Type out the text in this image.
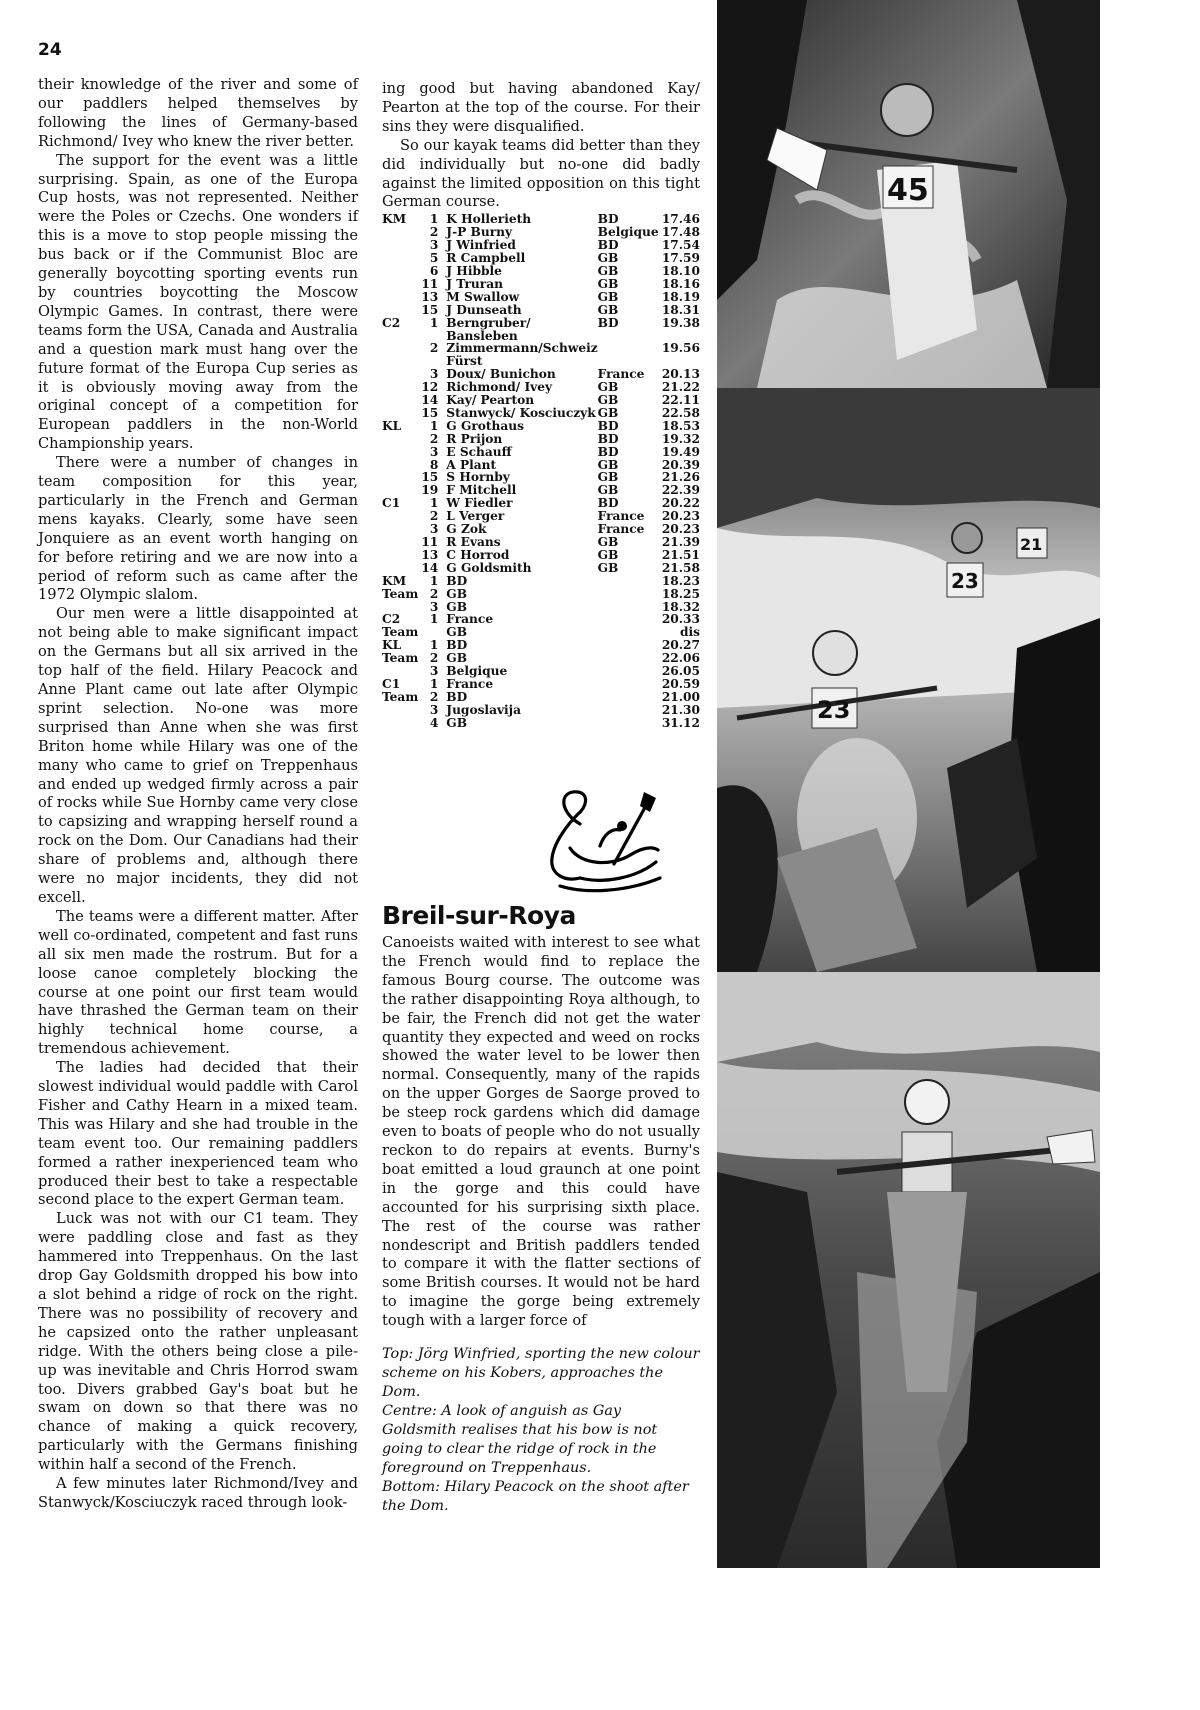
24

their knowledge of the river and some of our paddlers helped themselves by following the lines of Germany-based Richmond/ Ivey who knew the river better.

The support for the event was a little surprising. Spain, as one of the Europa Cup hosts, was not represented. Neither were the Poles or Czechs. One wonders if this is a move to stop people missing the bus back or if the Communist Bloc are generally boycotting sporting events run by countries boycotting the Moscow Olympic Games. In contrast, there were teams form the USA, Canada and Australia and a question mark must hang over the future format of the Europa Cup series as it is obviously moving away from the original concept of a competition for European paddlers in the non-World Championship years.

There were a number of changes in team composition for this year, particularly in the French and German mens kayaks. Clearly, some have seen Jonquiere as an event worth hanging on for before retiring and we are now into a period of reform such as came after the 1972 Olympic slalom.

Our men were a little disappointed at not being able to make significant impact on the Germans but all six arrived in the top half of the field. Hilary Peacock and Anne Plant came out late after Olympic sprint selection. No-one was more surprised than Anne when she was first Briton home while Hilary was one of the many who came to grief on Treppenhaus and ended up wedged firmly across a pair of rocks while Sue Hornby came very close to capsizing and wrapping herself round a rock on the Dom. Our Canadians had their share of problems and, although there were no major incidents, they did not excell.

The teams were a different matter. After well co-ordinated, competent and fast runs all six men made the rostrum. But for a loose canoe completely blocking the course at one point our first team would have thrashed the German team on their highly technical home course, a tremendous achievement.

The ladies had decided that their slowest individual would paddle with Carol Fisher and Cathy Hearn in a mixed team. This was Hilary and she had trouble in the team event too. Our remaining paddlers formed a rather inexperienced team who produced their best to take a respectable second place to the expert German team.

Luck was not with our C1 team. They were paddling close and fast as they hammered into Treppenhaus. On the last drop Gay Goldsmith dropped his bow into a slot behind a ridge of rock on the right. There was no possibility of recovery and he capsized onto the rather unpleasant ridge. With the others being close a pile-up was inevitable and Chris Horrod swam too. Divers grabbed Gay's boat but he swam on down so that there was no chance of making a quick recovery, particularly with the Germans finishing within half a second of the French.

A few minutes later Richmond/Ivey and Stanwyck/Kosciuczyk raced through look-

ing good but having abandoned Kay/ Pearton at the top of the course. For their sins they were disqualified.

So our kayak teams did better than they did individually but no-one did badly against the limited opposition on this tight German course.

KM	1	K Hollerieth	BD	17.46
	2	J-P Burny	Belgique	17.48
	3	J Winfried	BD	17.54
	5	R Campbell	GB	17.59
	6	J Hibble	GB	18.10
	11	J Truran	GB	18.16
	13	M Swallow	GB	18.19
	15	J Dunseath	GB	18.31
C2	1	Berngruber/ Bansleben	BD	19.38
	2	Zimmermann/Schweiz Fürst		19.56
	3	Doux/ Bunichon	France	20.13
	12	Richmond/ Ivey	GB	21.22
	14	Kay/ Pearton	GB	22.11
	15	Stanwyck/ Kosciuczyk	GB	22.58
KL	1	G Grothaus	BD	18.53
	2	R Prijon	BD	19.32
	3	E Schauff	BD	19.49
	8	A Plant	GB	20.39
	15	S Hornby	GB	21.26
	19	F Mitchell	GB	22.39
C1	1	W Fiedler	BD	20.22
	2	L Verger	France	20.23
	3	G Zok	France	20.23
	11	R Evans	GB	21.39
	13	C Horrod	GB	21.51
	14	G Goldsmith	GB	21.58
KM	1	BD		18.23
Team	2	GB		18.25
	3	GB		18.32
C2	1	France		20.33
Team		GB		dis
KL	1	BD		20.27
Team	2	GB		22.06
	3	Belgique		26.05
C1	1	France		20.59
Team	2	BD		21.00
	3	Jugoslavija		21.30
	4	GB		31.12
Breil-sur-Roya

Canoeists waited with interest to see what the French would find to replace the famous Bourg course. The outcome was the rather disappointing Roya although, to be fair, the French did not get the water quantity they expected and weed on rocks showed the water level to be lower then normal. Consequently, many of the rapids on the upper Gorges de Saorge proved to be steep rock gardens which did damage even to boats of people who do not usually reckon to do repairs at events. Burny's boat emitted a loud graunch at one point in the gorge and this could have accounted for his surprising sixth place. The rest of the course was rather nondescript and British paddlers tended to compare it with the flatter sections of some British courses. It would not be hard to imagine the gorge being extremely tough with a larger force of

Top: Jörg Winfried, sporting the new colour scheme on his Kobers, approaches the Dom.
Centre: A look of anguish as Gay Goldsmith realises that his bow is not going to clear the ridge of rock in the foreground on Treppenhaus.
Bottom: Hilary Peacock on the shoot after the Dom.
45
23
23
21
